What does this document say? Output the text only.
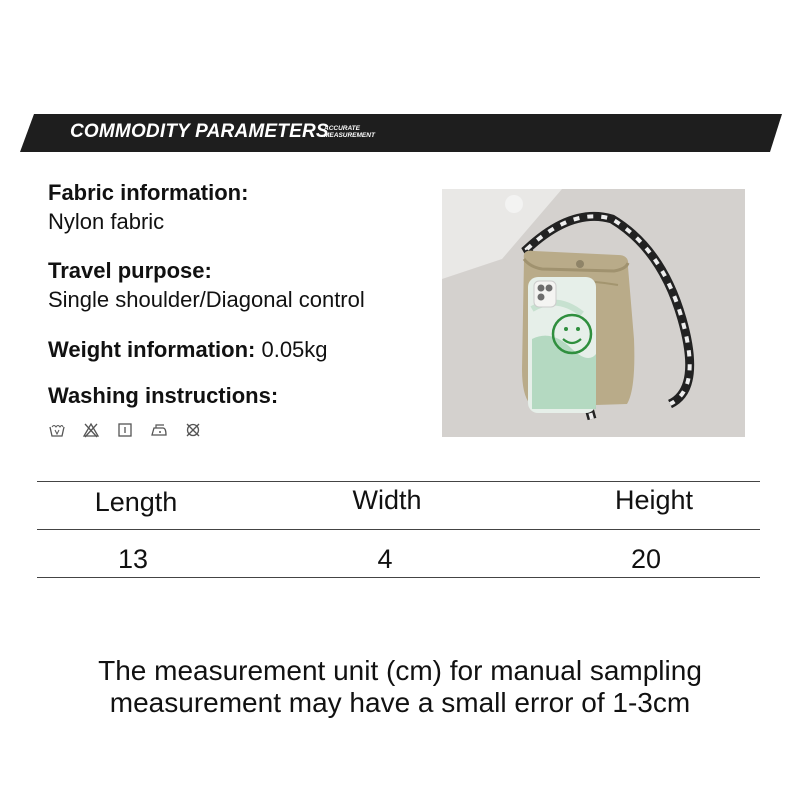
COMMODITY PARAMETERS
ACCURATE
MEASUREMENT
Fabric information:
Nylon fabric
Travel purpose:
Single shoulder/Diagonal control
Weight information: 0.05kg
Washing instructions:
Length	Width	Height
13	4	20
The measurement unit (cm) for manual sampling
measurement may have a small error of 1-3cm
